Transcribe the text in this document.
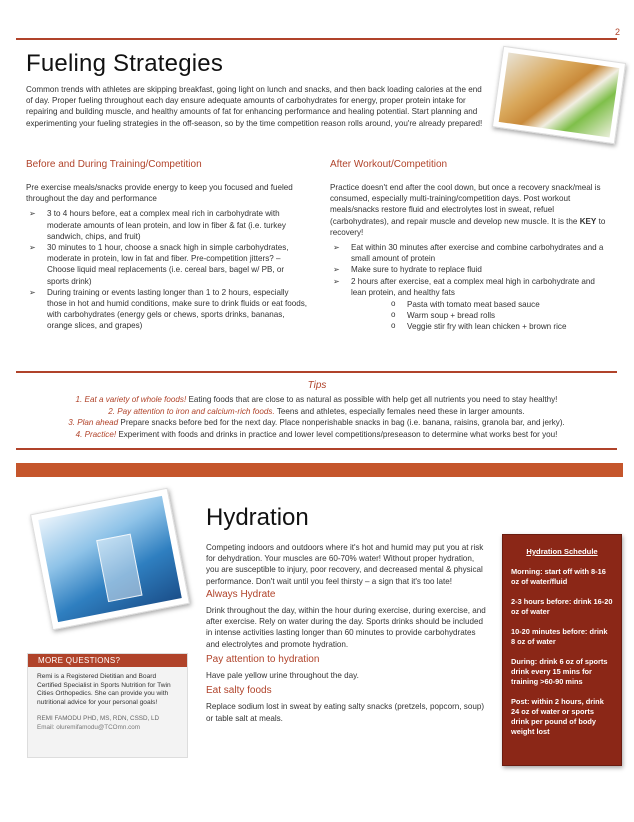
2
Fueling Strategies

Common trends with athletes are skipping breakfast, going light on lunch and snacks, and then back loading calories at the end of day. Proper fueling throughout each day ensure adequate amounts of carbohydrates for energy, proper protein intake for repairing and building muscle, and healthy amounts of fat for enhancing performance and healing potential. Start planning and experimenting your fueling strategies in the off-season, so by the time competition reason rolls around, you're already prepared!

Before and During Training/Competition

Pre exercise meals/snacks provide energy to keep you focused and fueled throughout the day and performance

➢ 3 to 4 hours before, eat a complex meal rich in carbohydrate with moderate amounts of lean protein, and low in fiber & fat (i.e. turkey sandwich, chips, and fruit)
➢ 30 minutes to 1 hour, choose a snack high in simple carbohydrates, moderate in protein, low in fat and fiber. Pre-competition jitters? – Choose liquid meal replacements (i.e. cereal bars, bagel w/ PB, or sports drink)
➢ During training or events lasting longer than 1 to 2 hours, especially those in hot and humid conditions, make sure to drink fluids or eat foods, with carbohydrates (energy gels or chews, sports drinks, bananas, orange slices, and grapes)
After Workout/Competition

Practice doesn't end after the cool down, but once a recovery snack/meal is consumed, especially multi-training/competition days. Post workout meals/snacks restore fluid and electrolytes lost in sweat, refuel (carbohydrates), and repair muscle and develop new muscle. It is the KEY to recovery!

➢ Eat within 30 minutes after exercise and combine carbohydrates and a small amount of protein
➢ Make sure to hydrate to replace fluid
➢ 2 hours after exercise, eat a complex meal high in carbohydrate and lean protein, and healthy fats
o Pasta with tomato meat based sauce
o Warm soup + bread rolls
o Veggie stir fry with lean chicken + brown rice
Tips
1. Eat a variety of whole foods! Eating foods that are close to as natural as possible with help get all nutrients you need to stay healthy!
2. Pay attention to iron and calcium-rich foods. Teens and athletes, especially females need these in larger amounts.
3. Plan ahead Prepare snacks before bed for the next day. Place nonperishable snacks in bag (i.e. banana, raisins, granola bar, and jerky).
4. Practice! Experiment with foods and drinks in practice and lower level competitions/preseason to determine what works best for you!
Hydration

Competing indoors and outdoors where it's hot and humid may put you at risk for dehydration. Your muscles are 60-70% water! Without proper hydration, you are susceptible to injury, poor recovery, and decreased mental & physical performance. Don't wait until you feel thirsty – a sign that it's too late!

Always Hydrate

Drink throughout the day, within the hour during exercise, during exercise, and after exercise. Rely on water during the day. Sports drinks should be included in intense activities lasting longer than 60 minutes to provide carbohydrates and electrolytes and promote hydration.

Pay attention to hydration

Have pale yellow urine throughout the day.

Eat salty foods

Replace sodium lost in sweat by eating salty snacks (pretzels, popcorn, soup) or table salt at meals.

MORE QUESTIONS?

Remi is a Registered Dietitian and Board Certified Specialist in Sports Nutrition for Twin Cities Orthopedics. She can provide you with nutritional advice for your personal goals!

REMI FAMODU PHD, MS, RDN, CSSD, LD

Email: oluremifamodu@TCOmn.com

Hydration Schedule
Morning: start off with 8-16 oz of water/fluid
2-3 hours before: drink 16-20 oz of water
10-20 minutes before: drink 8 oz of water
During: drink 6 oz of sports drink every 15 mins for training >60-90 mins
Post: within 2 hours, drink 24 oz of water or sports drink per pound of body weight lost
